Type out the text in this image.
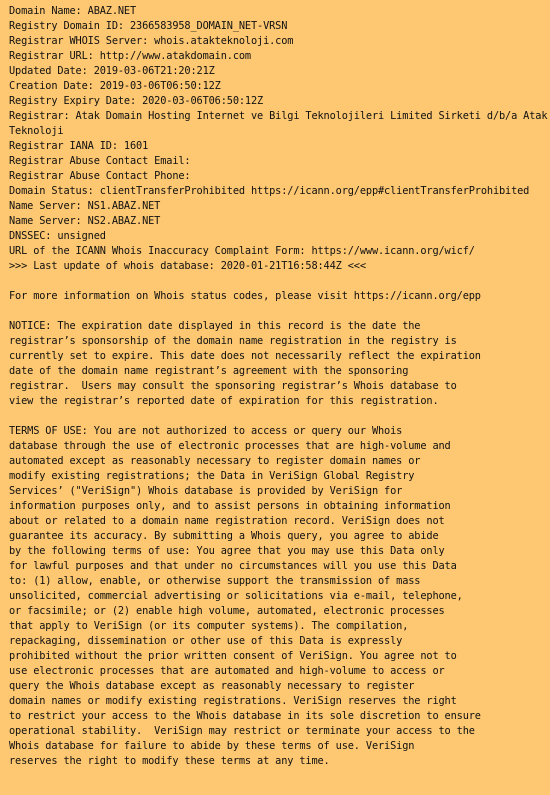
Domain Name: ABAZ.NET
Registry Domain ID: 2366583958_DOMAIN_NET-VRSN
Registrar WHOIS Server: whois.atakteknoloji.com
Registrar URL: http://www.atakdomain.com
Updated Date: 2019-03-06T21:20:21Z
Creation Date: 2019-03-06T06:50:12Z
Registry Expiry Date: 2020-03-06T06:50:12Z
Registrar: Atak Domain Hosting Internet ve Bilgi Teknolojileri Limited Sirketi d/b/a Atak
Teknoloji
Registrar IANA ID: 1601
Registrar Abuse Contact Email:
Registrar Abuse Contact Phone:
Domain Status: clientTransferProhibited https://icann.org/epp#clientTransferProhibited
Name Server: NS1.ABAZ.NET
Name Server: NS2.ABAZ.NET
DNSSEC: unsigned
URL of the ICANN Whois Inaccuracy Complaint Form: https://www.icann.org/wicf/
>>> Last update of whois database: 2020-01-21T16:58:44Z <<<
For more information on Whois status codes, please visit https://icann.org/epp
NOTICE: The expiration date displayed in this record is the date the
registrar’s sponsorship of the domain name registration in the registry is
currently set to expire. This date does not necessarily reflect the expiration
date of the domain name registrant’s agreement with the sponsoring
registrar.  Users may consult the sponsoring registrar’s Whois database to
view the registrar’s reported date of expiration for this registration.
TERMS OF USE: You are not authorized to access or query our Whois
database through the use of electronic processes that are high-volume and
automated except as reasonably necessary to register domain names or
modify existing registrations; the Data in VeriSign Global Registry
Services’ ("VeriSign") Whois database is provided by VeriSign for
information purposes only, and to assist persons in obtaining information
about or related to a domain name registration record. VeriSign does not
guarantee its accuracy. By submitting a Whois query, you agree to abide
by the following terms of use: You agree that you may use this Data only
for lawful purposes and that under no circumstances will you use this Data
to: (1) allow, enable, or otherwise support the transmission of mass
unsolicited, commercial advertising or solicitations via e-mail, telephone,
or facsimile; or (2) enable high volume, automated, electronic processes
that apply to VeriSign (or its computer systems). The compilation,
repackaging, dissemination or other use of this Data is expressly
prohibited without the prior written consent of VeriSign. You agree not to
use electronic processes that are automated and high-volume to access or
query the Whois database except as reasonably necessary to register
domain names or modify existing registrations. VeriSign reserves the right
to restrict your access to the Whois database in its sole discretion to ensure
operational stability.  VeriSign may restrict or terminate your access to the
Whois database for failure to abide by these terms of use. VeriSign
reserves the right to modify these terms at any time.
